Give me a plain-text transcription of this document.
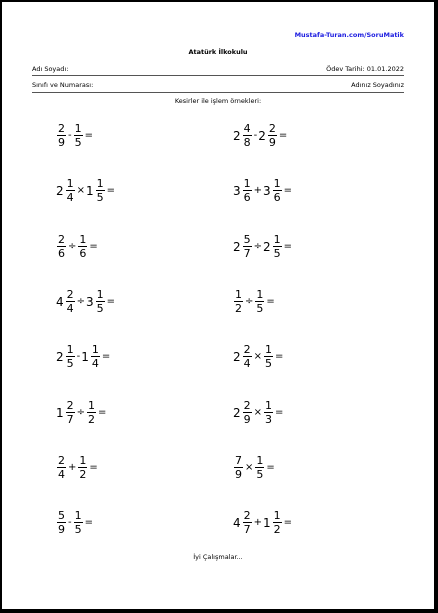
Mustafa-Turan.com/SoruMatik
Atatürk İlkokulu
Adı Soyadı:	Ödev Tarihi: 01.01.2022
Sınıfı ve Numarası:	Adınız Soyadınız
Kesirler ile işlem örnekleri:
$\frac{2}{9} - \frac{1}{5}$ =	$2 \frac{4}{8} - 2 \frac{2}{9}$ =
$2 \frac{1}{4} \times 1 \frac{1}{5}$ =	$3 \frac{1}{6} + 3 \frac{1}{6}$ =
$\frac{2}{6} \div \frac{1}{6}$ =	$2 \frac{5}{7} \div 2 \frac{1}{5}$ =
$4 \frac{2}{4} \div 3 \frac{1}{5}$ =	$\frac{1}{2} \div \frac{1}{5}$ =
$2 \frac{1}{5} - 1 \frac{1}{4}$ =	$2 \frac{2}{4} \times \frac{1}{5}$ =
$1 \frac{2}{7} \div \frac{1}{2}$ =	$2 \frac{2}{9} \times \frac{1}{3}$ =
$\frac{2}{4} + \frac{1}{2}$ =	$\frac{7}{9} \times \frac{1}{5}$ =
$\frac{5}{9} - \frac{1}{5}$ =	$4 \frac{2}{7} + 1 \frac{1}{2}$ =
İyi Çalışmalar...
